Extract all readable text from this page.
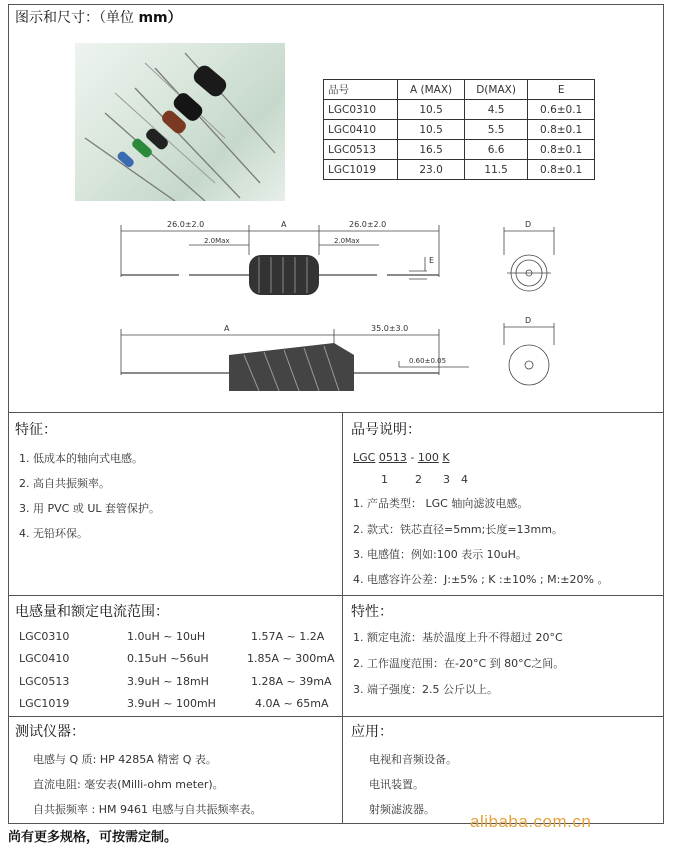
图示和尺寸：（单位 mm）
品号	A (MAX)	D(MAX)	E
LGC0310	10.5	4.5	0.6±0.1
LGC0410	10.5	5.5	0.8±0.1
LGC0513	16.5	6.6	0.8±0.1
LGC1019	23.0	11.5	0.8±0.1
26.0±2.0	A	26.0±2.0
2.0Max	2.0Max
E
D
A	35.0±3.0
0.60±0.05
D
特征：
1. 低成本的轴向式电感。
2. 高自共振频率。
3. 用 PVC 或 UL 套管保护。
4. 无铅环保。
品号说明：
LGC 0513 - 100 K
1 2 3 4
1. 产品类型： LGC 轴向滤波电感。
2. 款式：铁芯直径=5mm;长度=13mm。
3. 电感值：例如:100 表示 10uH。
4. 电感容许公差：J:±5% ; K :±10% ; M:±20% 。
电感量和额定电流范围：
LGC0310	1.0uH ~ 10uH	1.57A ~ 1.2A
LGC0410	0.15uH ~56uH	1.85A ~ 300mA
LGC0513	3.9uH ~ 18mH	1.28A ~ 39mA
LGC1019	3.9uH ~ 100mH	4.0A ~ 65mA
特性：
1. 额定电流：基於温度上升不得超过 20°C
2. 工作温度范围：在-20°C 到 80°C之间。
3. 端子强度：2.5 公斤以上。
测试仪器：
电感与 Q 质: HP 4285A 精密 Q 表。
直流电阻: 毫安表(Milli-ohm meter)。
自共振频率 : HM 9461 电感与自共振频率表。
应用：
电视和音频设备。
电讯装置。
射频滤波器。
尚有更多规格，可按需定制。
alibaba.com.cn
